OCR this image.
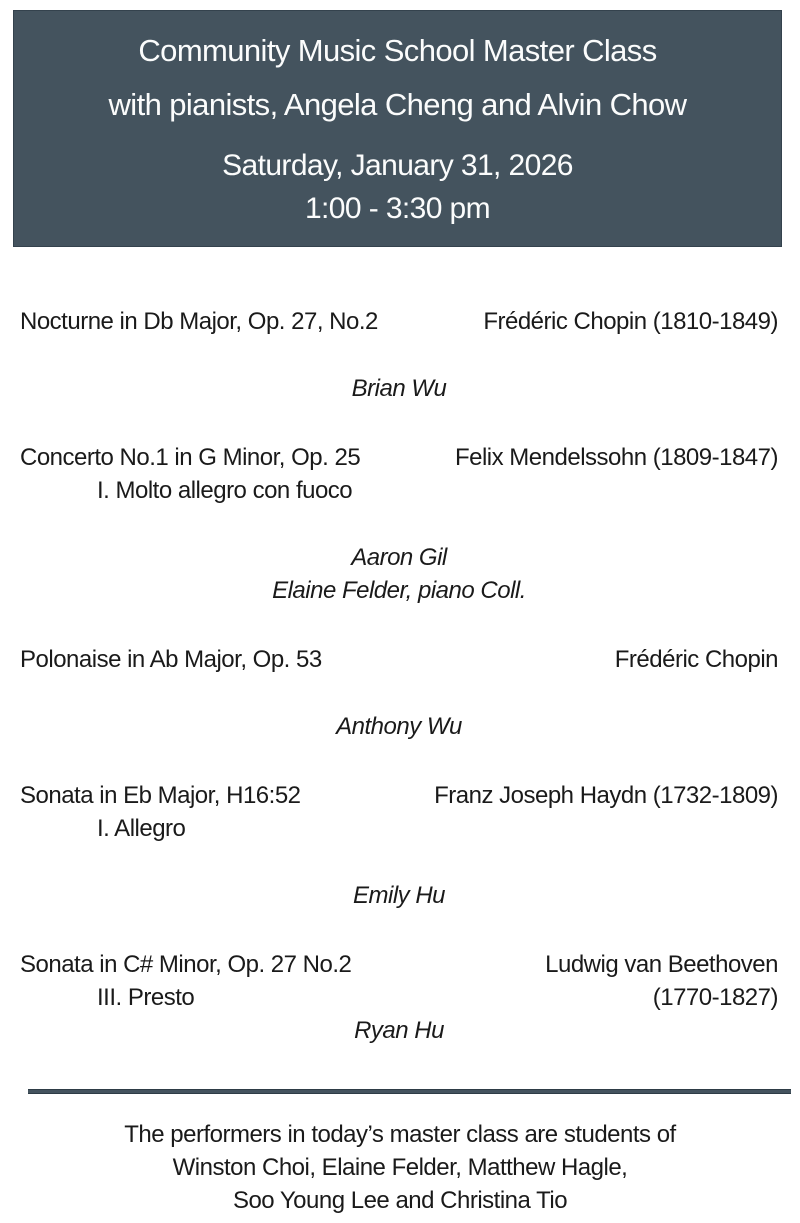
Community Music School Master Class
with pianists, Angela Cheng and Alvin Chow
Saturday, January 31, 2026
1:00 - 3:30 pm
Nocturne in Db Major, Op. 27, No.2	Frédéric Chopin (1810-1849)
Brian Wu
Concerto No.1 in G Minor, Op. 25
I. Molto allegro con fuoco
Felix Mendelssohn (1809-1847)
Aaron Gil
Elaine Felder, piano Coll.
Polonaise in Ab Major, Op. 53	Frédéric Chopin
Anthony Wu
Sonata in Eb Major, H16:52
I. Allegro
Franz Joseph Haydn (1732-1809)
Emily Hu
Sonata in C# Minor, Op. 27 No.2
III. Presto
Ludwig van Beethoven
(1770-1827)
Ryan Hu
The performers in today’s master class are students of
Winston Choi, Elaine Felder, Matthew Hagle,
Soo Young Lee and Christina Tio
